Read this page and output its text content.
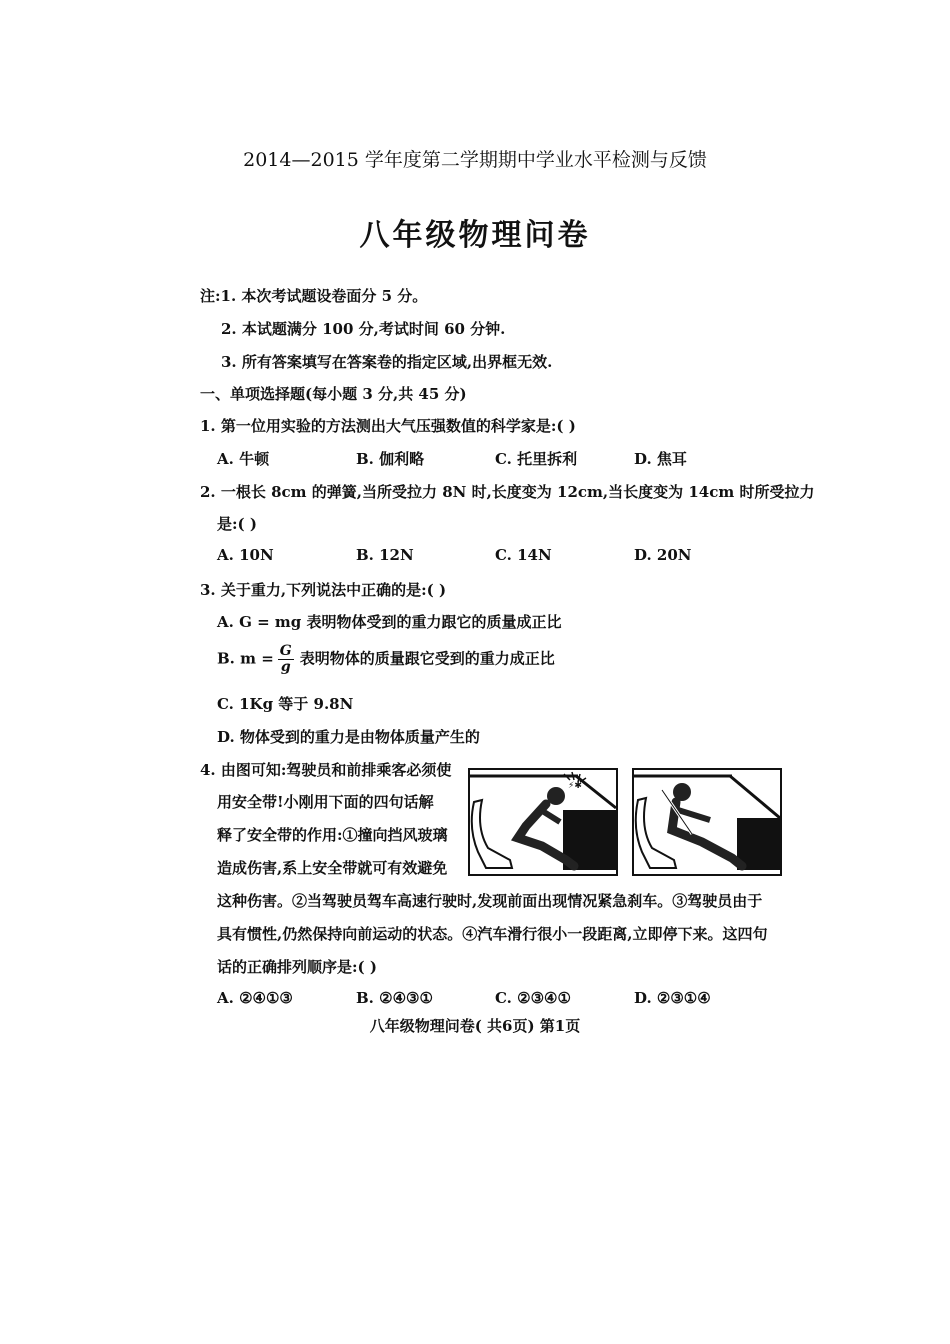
2014—2015 学年度第二学期期中学业水平检测与反馈
八年级物理问卷
注:1. 本次考试题设卷面分 5 分。
2. 本试题满分 100 分,考试时间 60 分钟.
3. 所有答案填写在答案卷的指定区域,出界框无效.
一、单项选择题(每小题 3 分,共 45 分)
1. 第一位用实验的方法测出大气压强数值的科学家是:( )
A. 牛顿	B. 伽利略	C. 托里拆利	D. 焦耳
2. 一根长 8cm 的弹簧,当所受拉力 8N 时,长度变为 12cm,当长度变为 14cm 时所受拉力
是:( )
A. 10N	B. 12N	C. 14N	D. 20N
3. 关于重力,下列说法中正确的是:( )
A. G = mg 表明物体受到的重力跟它的质量成正比
B. $m = \frac{G}{g}$ 表明物体的质量跟它受到的重力成正比
C. 1Kg 等于 9.8N
D. 物体受到的重力是由物体质量产生的
4. 由图可知:驾驶员和前排乘客必须使
用安全带!小刚用下面的四句话解
释了安全带的作用:①撞向挡风玻璃
造成伤害,系上安全带就可有效避免
这种伤害。②当驾驶员驾车高速行驶时,发现前面出现情况紧急刹车。③驾驶员由于
具有惯性,仍然保持向前运动的状态。④汽车滑行很小一段距离,立即停下来。这四句
话的正确排列顺序是:( )
A. ②④①③	B. ②④③①	C. ②③④①	D. ②③①④
⚡✱
八年级物理问卷( 共6页) 第1页
